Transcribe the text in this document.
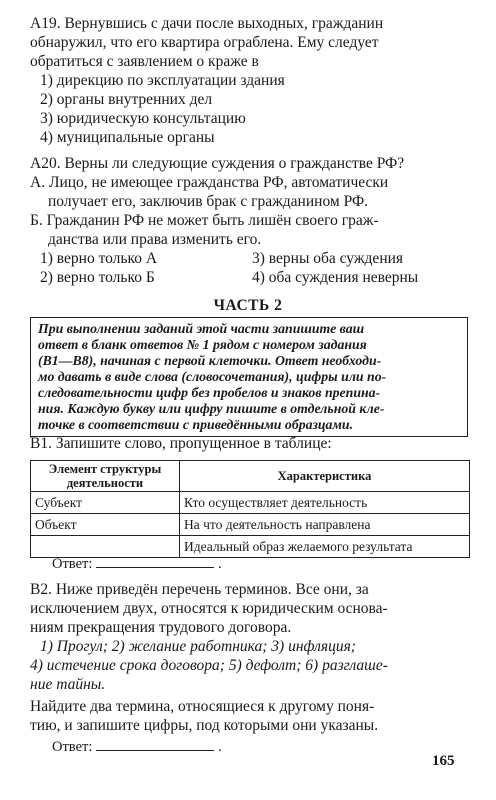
А19. Вернувшись с дачи после выходных, гражданин
обнаружил, что его квартира ограблена. Ему следует
обратиться с заявлением о краже в
1) дирекцию по эксплуатации здания
2) органы внутренних дел
3) юридическую консультацию
4) муниципальные органы
А20. Верны ли следующие суждения о гражданстве РФ?
А. Лицо, не имеющее гражданства РФ, автоматически
получает его, заключив брак с гражданином РФ.
Б. Гражданин РФ не может быть лишён своего граж-
данства или права изменить его.
1) верно только А	3) верны оба суждения
2) верно только Б	4) оба суждения неверны
ЧАСТЬ 2
При выполнении заданий этой части запишите ваш
ответ в бланк ответов № 1 рядом с номером задания
(B1—B8), начиная с первой клеточки. Ответ необходи-
мо давать в виде слова (словосочетания), цифры или по-
следовательности цифр без пробелов и знаков препина-
ния. Каждую букву или цифру пишите в отдельной кле-
точке в соответствии с приведёнными образцами.
В1. Запишите слово, пропущенное в таблице:
Элемент структуры
деятельности	Характеристика
Субъект	Кто осуществляет деятельность
Объект	На что деятельность направлена
	Идеальный образ желаемого результата
Ответ:	.
В2. Ниже приведён перечень терминов. Все они, за
исключением двух, относятся к юридическим основа-
ниям прекращения трудового договора.
1) Прогул; 2) желание работника; 3) инфляция;
4) истечение срока договора; 5) дефолт; 6) разглаше-
ние тайны.
Найдите два термина, относящиеся к другому поня-
тию, и запишите цифры, под которыми они указаны.
Ответ:	.
165
